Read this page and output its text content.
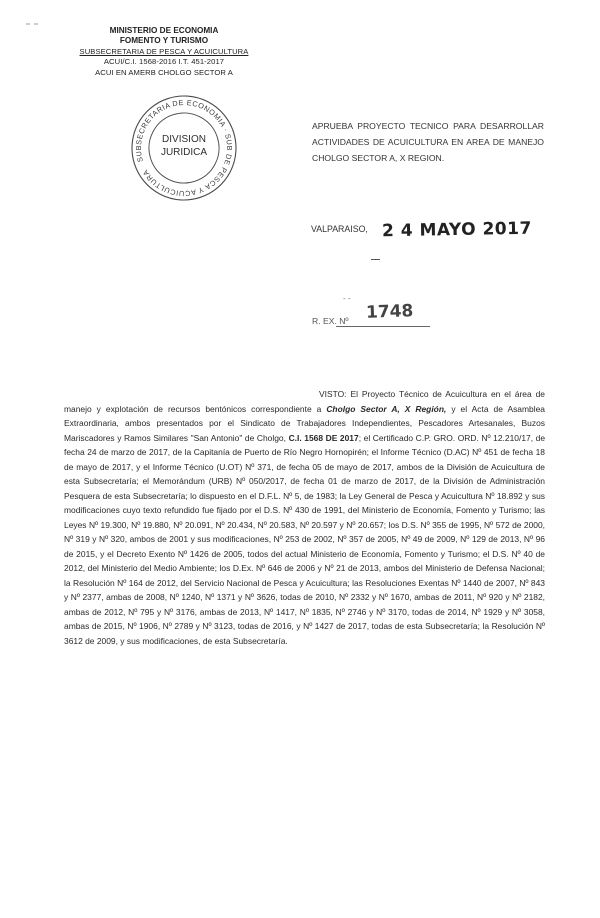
MINISTERIO DE ECONOMIA
FOMENTO Y TURISMO
SUBSECRETARIA DE PESCA Y ACUICULTURA
ACUI/C.I. 1568-2016 I.T. 451-2017
ACUI EN AMERB CHOLGO SECTOR A
SUBSECRETARIA DE ECONOMIA · SUB DE PESCA Y ACUICULTURA
DIVISION
JURIDICA
APRUEBA PROYECTO TECNICO PARA DESARROLLAR ACTIVIDADES DE ACUICULTURA EN AREA DE MANEJO CHOLGO SECTOR A, X REGION.
VALPARAISO, 2 4 MAYO 2017
- -
R. EX. Nº 1748

VISTO: El Proyecto Técnico de Acuicultura en el área de manejo y explotación de recursos bentónicos correspondiente a Cholgo Sector A, X Región, y el Acta de Asamblea Extraordinaria, ambos presentados por el Sindicato de Trabajadores Independientes, Pescadores Artesanales, Buzos Mariscadores y Ramos Similares "San Antonio" de Cholgo, C.I. 1568 DE 2017; el Certificado C.P. GRO. ORD. Nº 12.210/17, de fecha 24 de marzo de 2017, de la Capitanía de Puerto de Río Negro Hornopirén; el Informe Técnico (D.AC) Nº 451 de fecha 18 de mayo de 2017, y el Informe Técnico (U.OT) Nº 371, de fecha 05 de mayo de 2017, ambos de la División de Acuicultura de esta Subsecretaría; el Memorándum (URB) Nº 050/2017, de fecha 01 de marzo de 2017, de la División de Administración Pesquera de esta Subsecretaría; lo dispuesto en el D.F.L. Nº 5, de 1983; la Ley General de Pesca y Acuicultura Nº 18.892 y sus modificaciones cuyo texto refundido fue fijado por el D.S. Nº 430 de 1991, del Ministerio de Economía, Fomento y Turismo; las Leyes Nº 19.300, Nº 19.880, Nº 20.091, Nº 20.434, Nº 20.583, Nº 20.597 y Nº 20.657; los D.S. Nº 355 de 1995, Nº 572 de 2000, Nº 319 y Nº 320, ambos de 2001 y sus modificaciones, Nº 253 de 2002, Nº 357 de 2005, Nº 49 de 2009, Nº 129 de 2013, Nº 96 de 2015, y el Decreto Exento Nº 1426 de 2005, todos del actual Ministerio de Economía, Fomento y Turismo; el D.S. Nº 40 de 2012, del Ministerio del Medio Ambiente; los D.Ex. Nº 646 de 2006 y Nº 21 de 2013, ambos del Ministerio de Defensa Nacional; la Resolución Nº 164 de 2012, del Servicio Nacional de Pesca y Acuicultura; las Resoluciones Exentas Nº 1440 de 2007, Nº 843 y Nº 2377, ambas de 2008, Nº 1240, Nº 1371 y Nº 3626, todas de 2010, Nº 2332 y Nº 1670, ambas de 2011, Nº 920 y Nº 2182, ambas de 2012, Nº 795 y Nº 3176, ambas de 2013, Nº 1417, Nº 1835, Nº 2746 y Nº 3170, todas de 2014, Nº 1929 y Nº 3058, ambas de 2015, Nº 1906, Nº 2789 y Nº 3123, todas de 2016, y Nº 1427 de 2017, todas de esta Subsecretaría; la Resolución Nº 3612 de 2009, y sus modificaciones, de esta Subsecretaría.
